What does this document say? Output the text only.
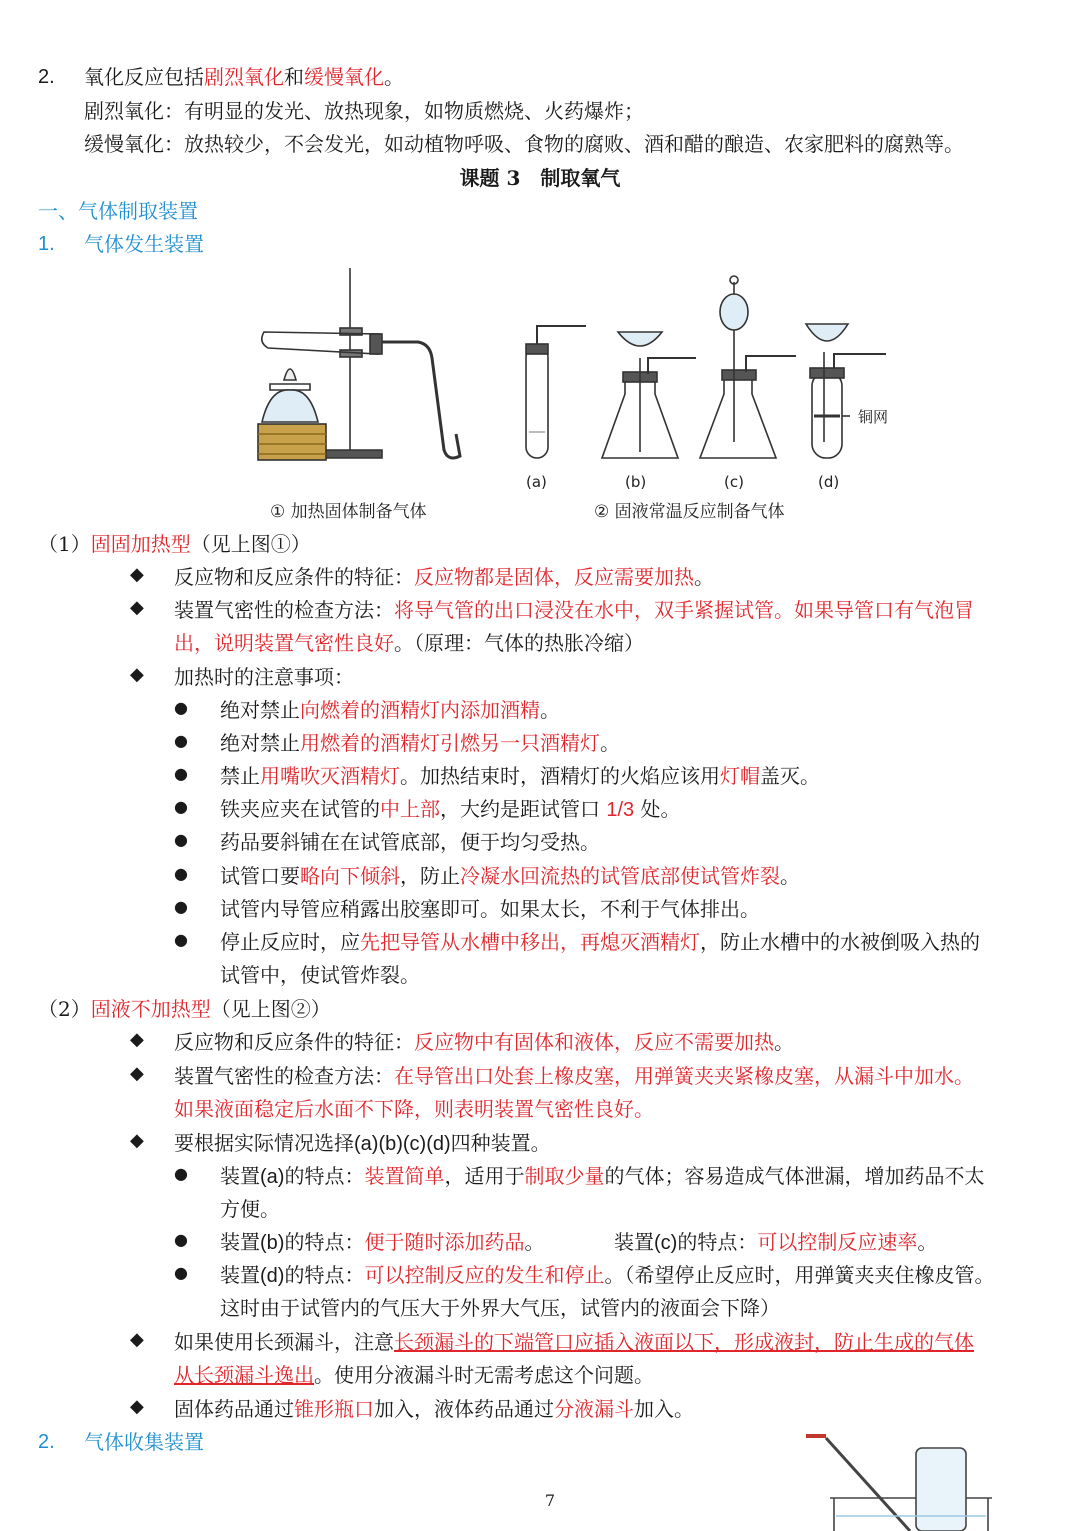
2. 氧化反应包括剧烈氧化和缓慢氧化。
剧烈氧化：有明显的发光、放热现象，如物质燃烧、火药爆炸；
缓慢氧化：放热较少，不会发光，如动植物呼吸、食物的腐败、酒和醋的酿造、农家肥料的腐熟等。
课题 3　制取氧气
一、气体制取装置
1. 气体发生装置
铜网
(a)	(b)	(c)	(d)
① 加热固体制备气体	② 固液常温反应制备气体
（1）固固加热型（见上图①）
◆ 反应物和反应条件的特征：反应物都是固体，反应需要加热。
◆ 装置气密性的检查方法：将导气管的出口浸没在水中，双手紧握试管。如果导管口有气泡冒
出，说明装置气密性良好。（原理：气体的热胀冷缩）
◆ 加热时的注意事项：
● 绝对禁止向燃着的酒精灯内添加酒精。
● 绝对禁止用燃着的酒精灯引燃另一只酒精灯。
● 禁止用嘴吹灭酒精灯。加热结束时，酒精灯的火焰应该用灯帽盖灭。
● 铁夹应夹在试管的中上部，大约是距试管口 1/3 处。
● 药品要斜铺在在试管底部，便于均匀受热。
● 试管口要略向下倾斜，防止冷凝水回流热的试管底部使试管炸裂。
● 试管内导管应稍露出胶塞即可。如果太长，不利于气体排出。
● 停止反应时，应先把导管从水槽中移出，再熄灭酒精灯，防止水槽中的水被倒吸入热的
试管中，使试管炸裂。
（2）固液不加热型（见上图②）
◆ 反应物和反应条件的特征：反应物中有固体和液体，反应不需要加热。
◆ 装置气密性的检查方法：在导管出口处套上橡皮塞，用弹簧夹夹紧橡皮塞，从漏斗中加水。
如果液面稳定后水面不下降，则表明装置气密性良好。
◆ 要根据实际情况选择(a)(b)(c)(d)四种装置。
● 装置(a)的特点：装置简单，适用于制取少量的气体；容易造成气体泄漏，增加药品不太
方便。
● 装置(b)的特点：便于随时添加药品。	装置(c)的特点：可以控制反应速率。
● 装置(d)的特点：可以控制反应的发生和停止。（希望停止反应时，用弹簧夹夹住橡皮管。
这时由于试管内的气压大于外界大气压，试管内的液面会下降）
◆ 如果使用长颈漏斗，注意长颈漏斗的下端管口应插入液面以下，形成液封，防止生成的气体
从长颈漏斗逸出。使用分液漏斗时无需考虑这个问题。
◆ 固体药品通过锥形瓶口加入，液体药品通过分液漏斗加入。
2. 气体收集装置
7
